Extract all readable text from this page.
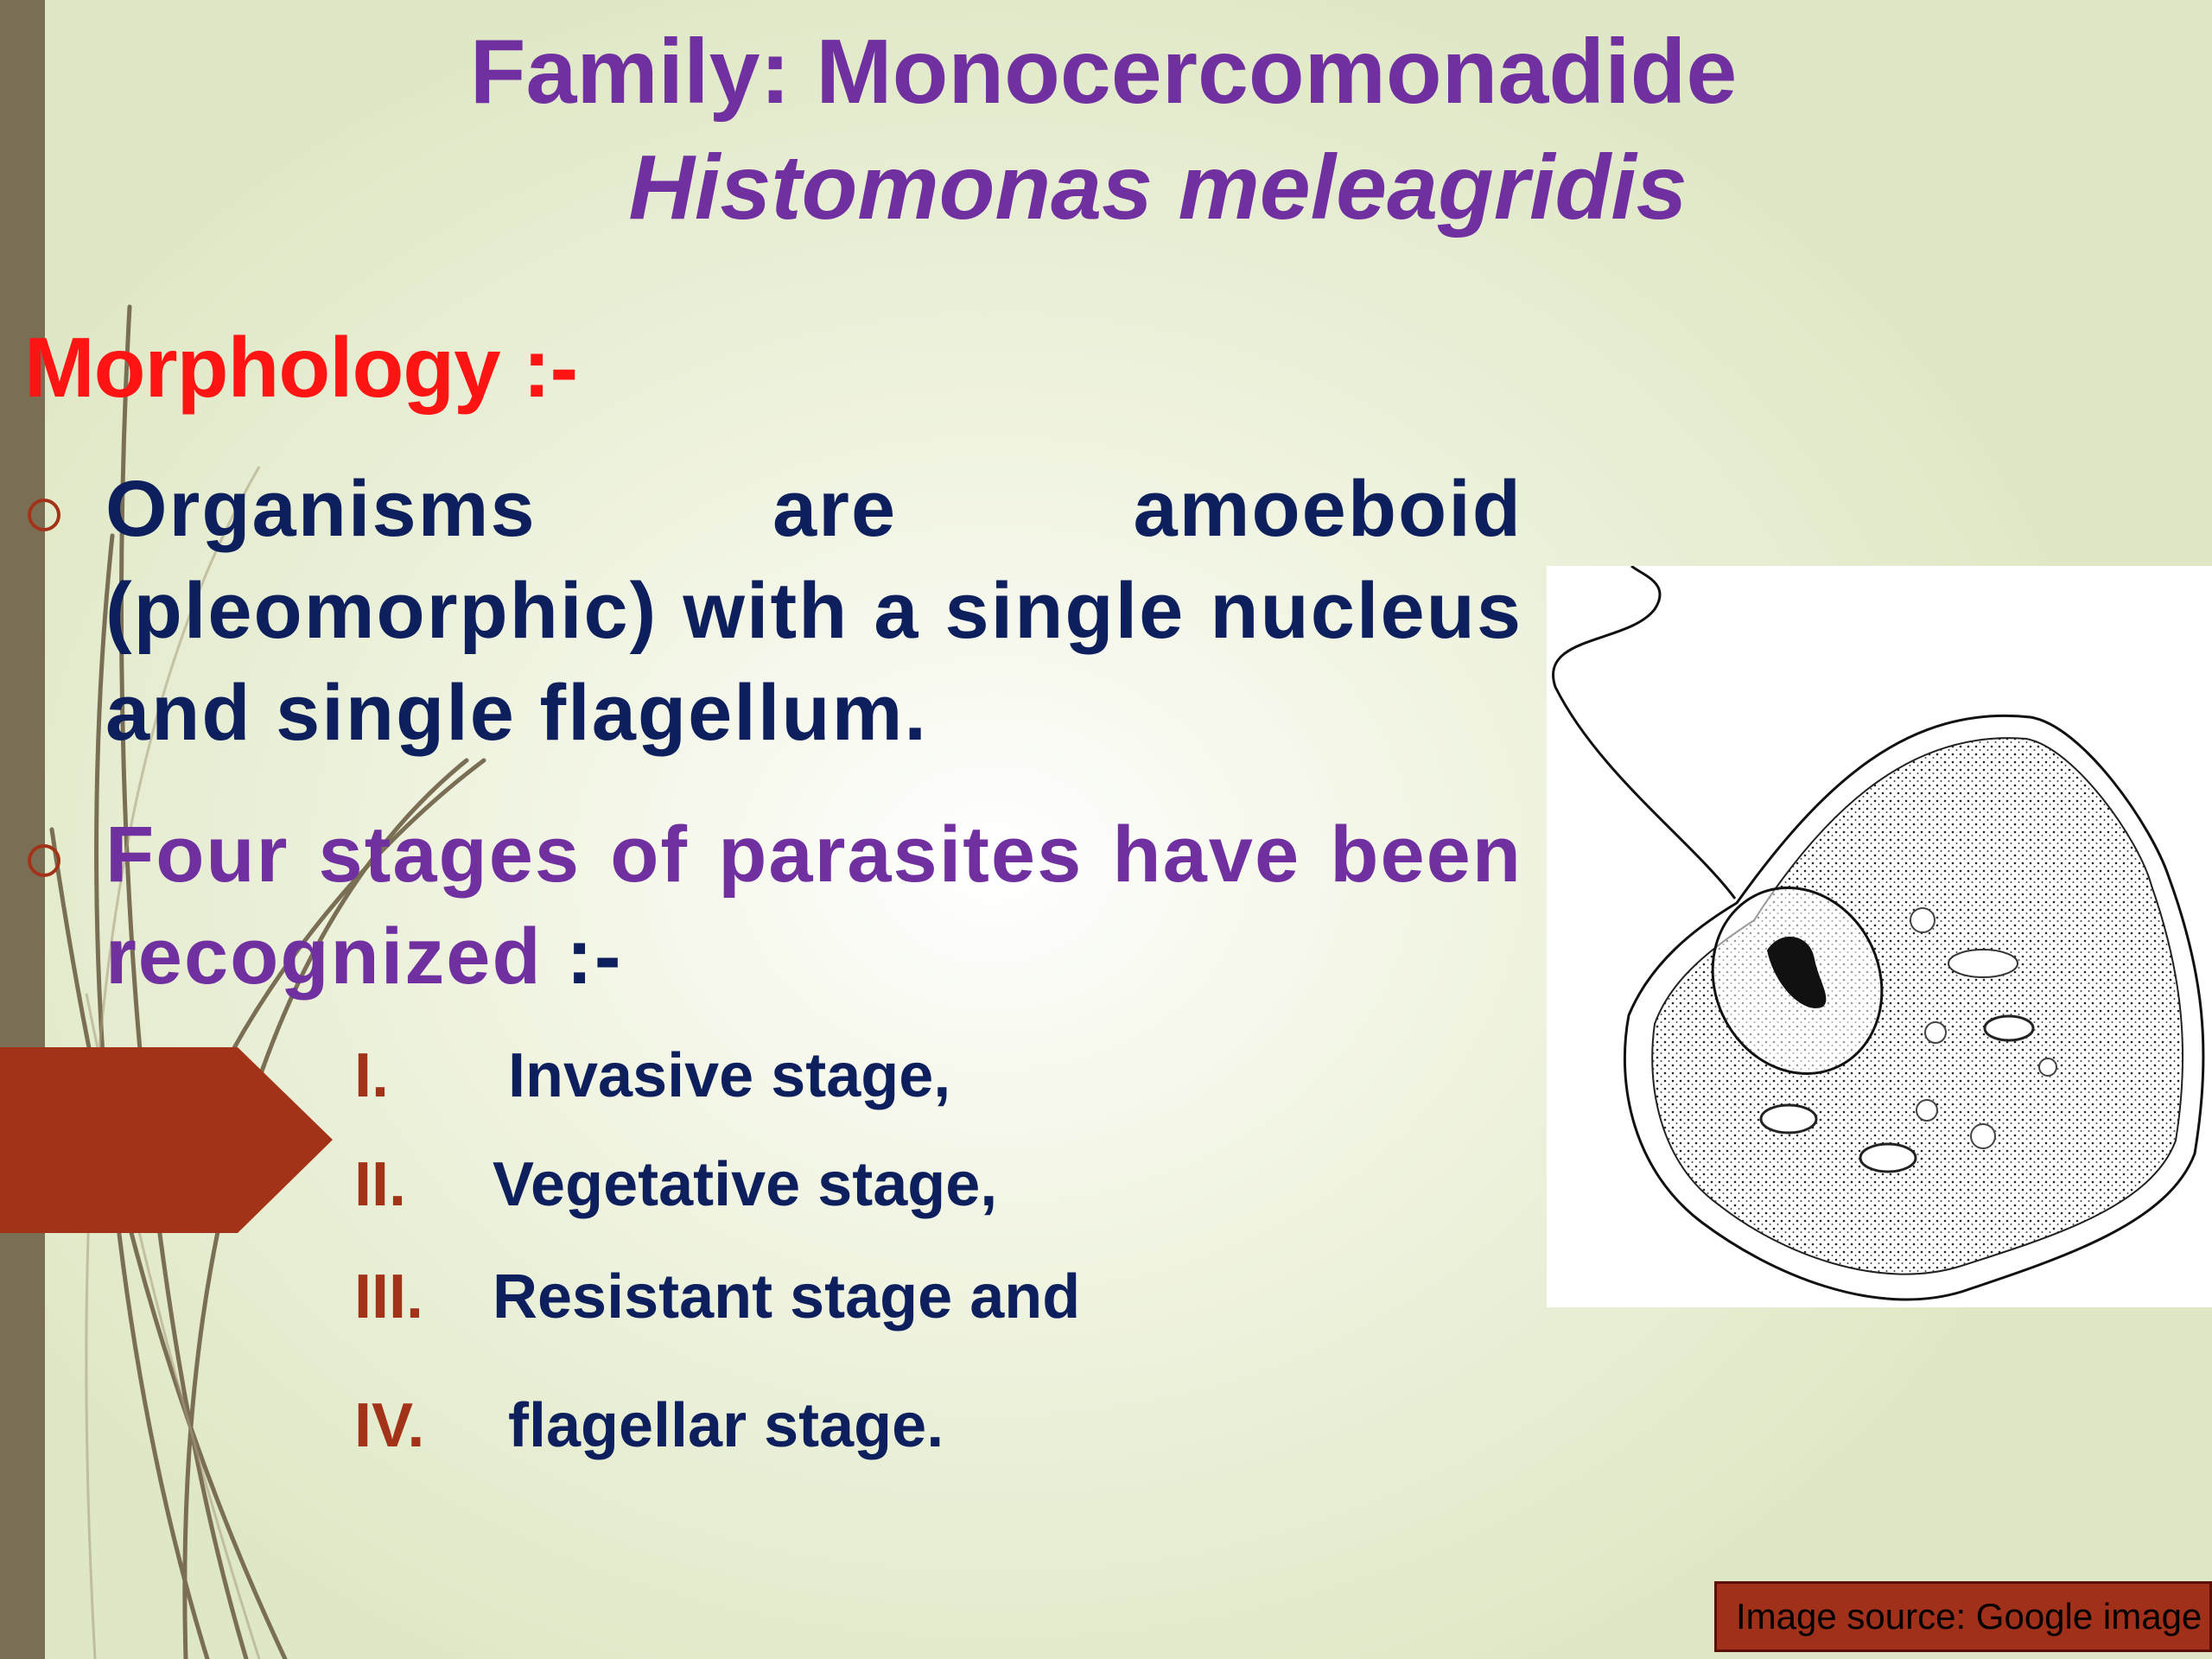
Family: Monocercomonadide
Histomonas meleagridis
Morphology :-

Organisms are amoeboid (pleomorphic) with a single nucleus and single flagellum.

Four stages of parasites have been recognized :-

I. Invasive stage,
II. Vegetative stage,
III. Resistant stage and
IV. flagellar stage.
Image source: Google image
